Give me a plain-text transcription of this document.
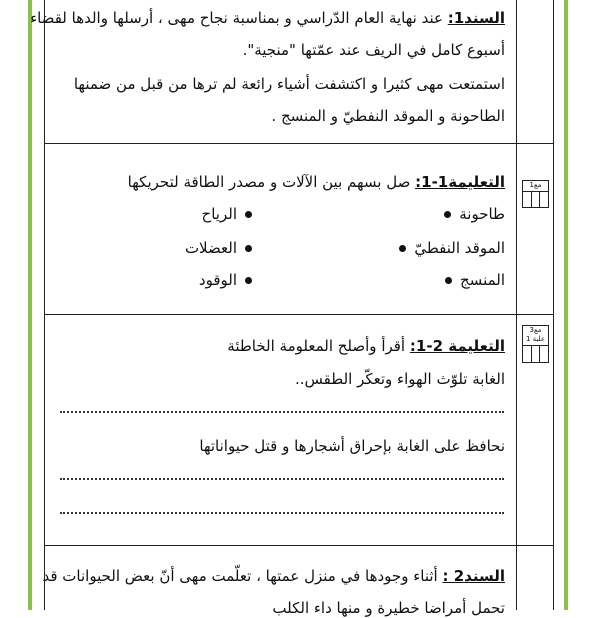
السند1: عند نهاية العام الدّراسي و بمناسبة نجاح مهى ، أرسلها والدها لقضاء
أسبوع كامل في الريف عند عمّتها "منجية".
استمتعت مهى كثيرا و اكتشفت أشياء رائعة لم ترها من قبل من ضمنها
الطاحونة و الموقد النفطيّ و المنسج .
التعليمة1-1: صل بسهم بين الآلات و مصدر الطاقة لتحريكها
طاحونة
الموقد النفطيّ
المنسج
الرياح
العضلات
الوقود
مع1
التعليمة 2-1: أقرأ وأصلح المعلومة الخاطئة
الغابة تلوّث الهواء وتعكّر الطقس..
نحافظ على الغابة بإحراق أشجارها و قتل حيواناتها
مع3
علبة 1
السند2 : أثناء وجودها في منزل عمتها ، تعلّمت مهى أنّ بعض الحيوانات قد
تحمل أمراضا خطيرة و منها داء الكلب
